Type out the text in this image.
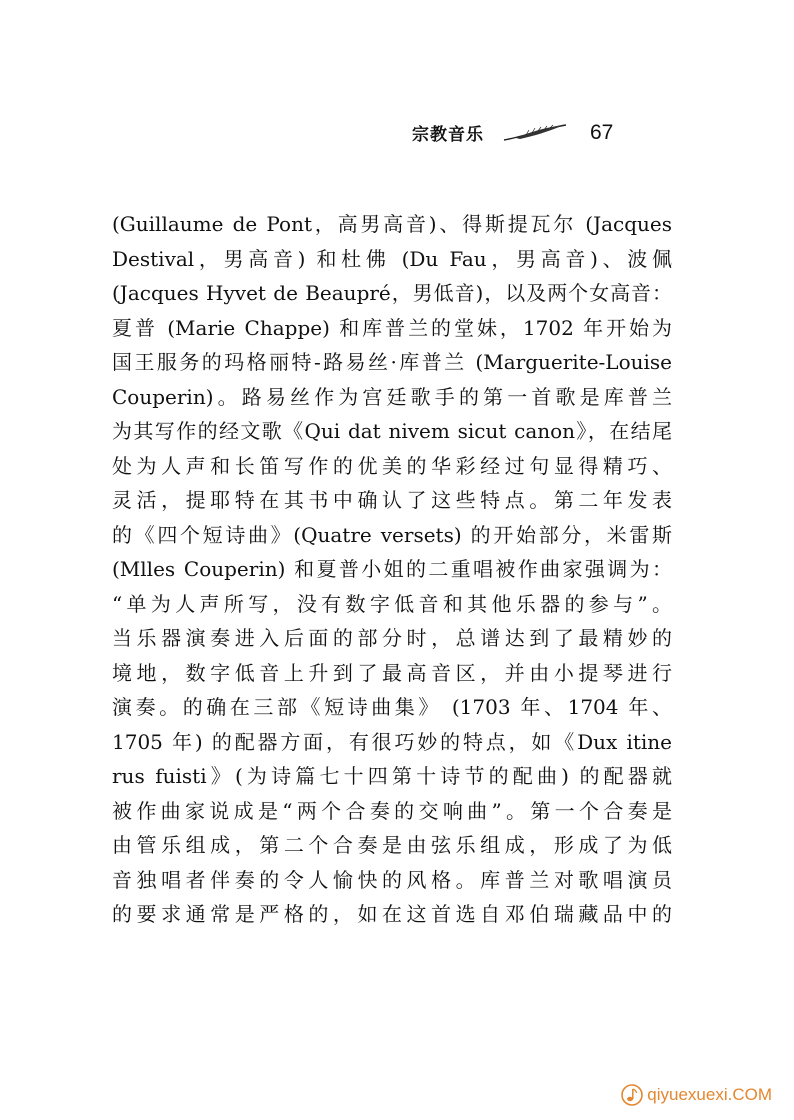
宗教音乐	67
(Guillaume de Pont，高男高音)、得斯提瓦尔 (Jacques
Destival，男高音) 和杜佛 (Du Fau，男高音)、波佩
(Jacques Hyvet de Beaupré，男低音)，以及两个女高音：
夏普 (Marie Chappe) 和库普兰的堂妹，1702 年开始为
国王服务的玛格丽特-路易丝·库普兰 (Marguerite-Louise
Couperin)。路易丝作为宫廷歌手的第一首歌是库普兰
为其写作的经文歌《Qui dat nivem sicut canon》，在结尾
处为人声和长笛写作的优美的华彩经过句显得精巧、
灵活，提耶特在其书中确认了这些特点。第二年发表
的《四个短诗曲》(Quatre versets) 的开始部分，米雷斯
(Mlles Couperin) 和夏普小姐的二重唱被作曲家强调为：
“单为人声所写，没有数字低音和其他乐器的参与”。
当乐器演奏进入后面的部分时，总谱达到了最精妙的
境地，数字低音上升到了最高音区，并由小提琴进行
演奏。的确在三部《短诗曲集》 (1703 年、1704 年、
1705 年) 的配器方面，有很巧妙的特点，如《Dux itine
rus fuisti》(为诗篇七十四第十诗节的配曲) 的配器就
被作曲家说成是“两个合奏的交响曲”。第一个合奏是
由管乐组成，第二个合奏是由弦乐组成，形成了为低
音独唱者伴奏的令人愉快的风格。库普兰对歌唱演员
的要求通常是严格的，如在这首选自邓伯瑞藏品中的
qiyuexuexi.COM
